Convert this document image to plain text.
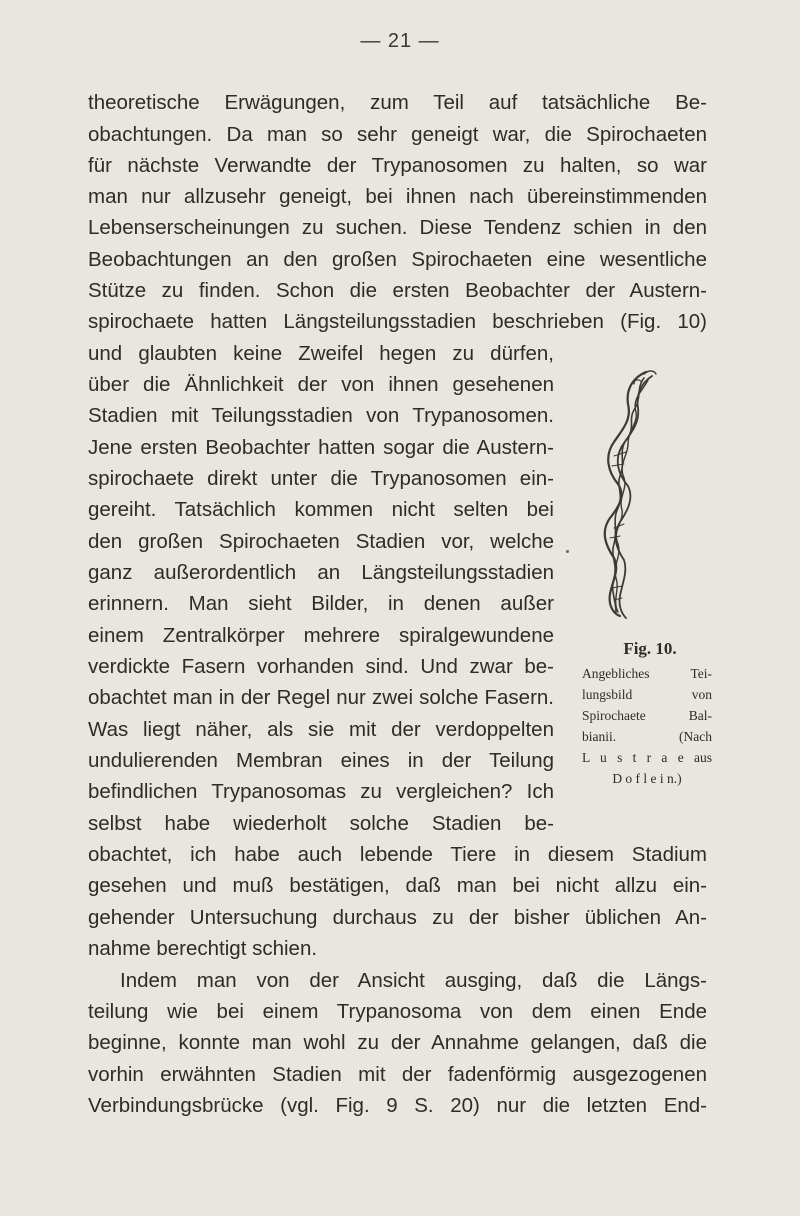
— 21 —
theoretische Erwägungen, zum Teil auf tatsächliche Be-
obachtungen. Da man so sehr geneigt war, die Spirochaeten
für nächste Verwandte der Trypanosomen zu halten, so war
man nur allzusehr geneigt, bei ihnen nach übereinstimmenden
Lebenserscheinungen zu suchen. Diese Tendenz schien in den
Beobachtungen an den großen Spirochaeten eine wesentliche
Stütze zu finden. Schon die ersten Beobachter der Austern-
spirochaete hatten Längsteilungsstadien beschrieben (Fig. 10)
und glaubten keine Zweifel hegen zu dürfen,
über die Ähnlichkeit der von ihnen gesehenen
Stadien mit Teilungsstadien von Trypanosomen.
Jene ersten Beobachter hatten sogar die Austern-
spirochaete direkt unter die Trypanosomen ein-
gereiht. Tatsächlich kommen nicht selten bei
den großen Spirochaeten Stadien vor, welche
ganz außerordentlich an Längsteilungsstadien
erinnern. Man sieht Bilder, in denen außer
einem Zentralkörper mehrere spiralgewundene
verdickte Fasern vorhanden sind. Und zwar be-
obachtet man in der Regel nur zwei solche Fasern.
Was liegt näher, als sie mit der verdoppelten
undulierenden Membran eines in der Teilung
befindlichen Trypanosomas zu vergleichen? Ich
selbst habe wiederholt solche Stadien be-
obachtet, ich habe auch lebende Tiere in diesem Stadium
gesehen und muß bestätigen, daß man bei nicht allzu ein-
gehender Untersuchung durchaus zu der bisher üblichen An-
nahme berechtigt schien.
Indem man von der Ansicht ausging, daß die Längs-
teilung wie bei einem Trypanosoma von dem einen Ende
beginne, konnte man wohl zu der Annahme gelangen, daß die
vorhin erwähnten Stadien mit der fadenförmig ausgezogenen
Verbindungsbrücke (vgl. Fig. 9 S. 20) nur die letzten End-
Fig. 10.
Angebliches Tei-
lungsbild von
Spirochaete Bal-
bianii. (Nach
L u s t r a e aus
D o f l e i n.)
